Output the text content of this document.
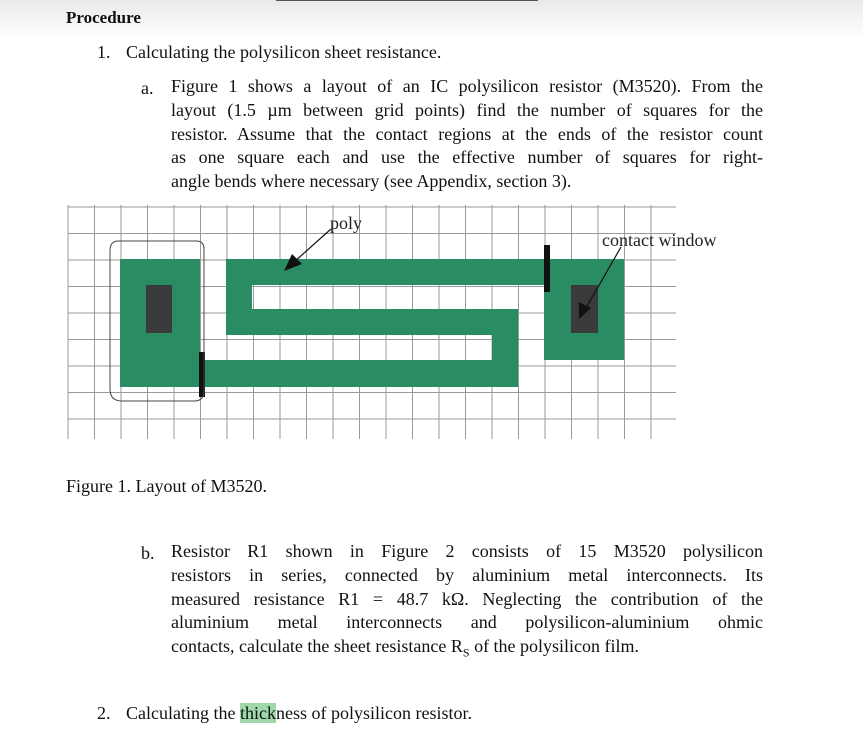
Procedure
1. Calculating the polysilicon sheet resistance.
a. Figure 1 shows a layout of an IC polysilicon resistor (M3520). From the
layout (1.5 µm between grid points) find the number of squares for the
resistor. Assume that the contact regions at the ends of the resistor count
as one square each and use the effective number of squares for right-
angle bends where necessary (see Appendix, section 3).
poly
contact window
Figure 1. Layout of M3520.
b. Resistor R1 shown in Figure 2 consists of 15 M3520 polysilicon
resistors in series, connected by aluminium metal interconnects. Its
measured resistance R1 = 48.7 kΩ. Neglecting the contribution of the
aluminium metal interconnects and polysilicon-aluminium ohmic
contacts, calculate the sheet resistance $R_S$ of the polysilicon film.
2. Calculating the thickness of polysilicon resistor.
